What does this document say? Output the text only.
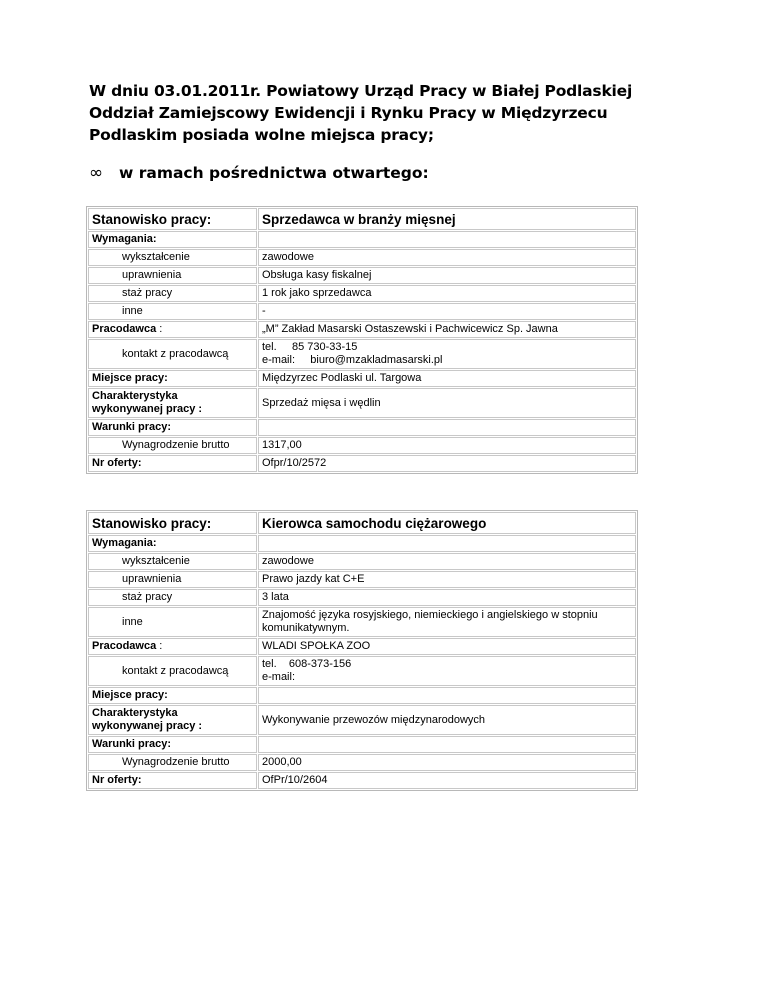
W dniu 03.01.2011r. Powiatowy Urząd Pracy w Białej Podlaskiej Oddział Zamiejscowy Ewidencji i Rynku Pracy w Międzyrzecu Podlaskim posiada wolne miejsca pracy;
∞ w ramach pośrednictwa otwartego:
Stanowisko pracy:	Sprzedawca w branży mięsnej
Wymagania:	
wykształcenie	zawodowe
uprawnienia	Obsługa kasy fiskalnej
staż pracy	1 rok jako sprzedawca
inne	-
Pracodawca :	„M” Zakład Masarski Ostaszewski i Pachwicewicz Sp. Jawna
kontakt z pracodawcą	tel.     85 730-33-15
e-mail:     biuro@mzakladmasarski.pl

Miejsce pracy:	Międzyrzec Podlaski ul. Targowa

Charakterystyka
wykonywanej pracy :	Sprzedaż mięsa i wędlin
Warunki pracy:	
Wynagrodzenie brutto	1317,00
Nr oferty:	Ofpr/10/2572
Stanowisko pracy:	Kierowca samochodu ciężarowego
Wymagania:	
wykształcenie	zawodowe
uprawnienia	Prawo jazdy kat C+E
staż pracy	3 lata
inne	Znajomość języka rosyjskiego, niemieckiego i angielskiego w stopniu komunikatywnym.
Pracodawca :	WLADI SPOŁKA ZOO
kontakt z pracodawcą	tel.    608-373-156
e-mail:

Miejsce pracy:	

Charakterystyka
wykonywanej pracy :	Wykonywanie przewozów międzynarodowych
Warunki pracy:	
Wynagrodzenie brutto	2000,00
Nr oferty:	OfPr/10/2604
